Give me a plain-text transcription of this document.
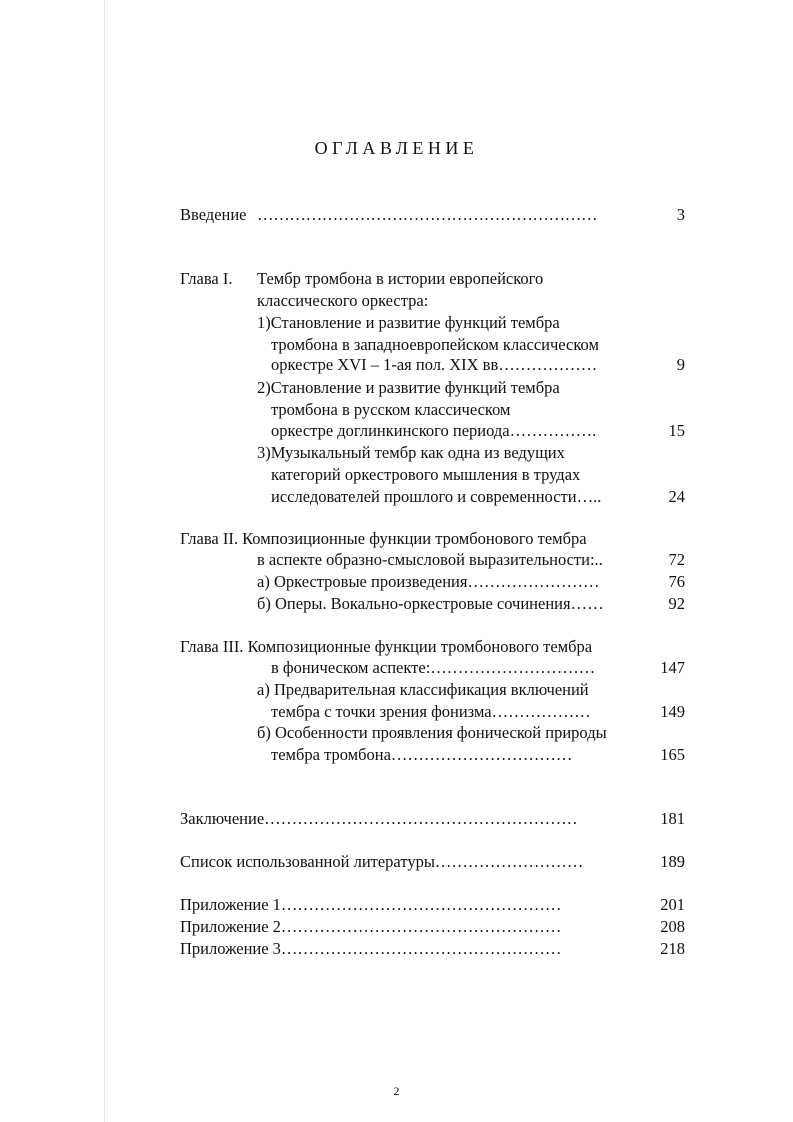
ОГЛАВЛЕНИЕ
Введение ………………………………………………………	3
Глава I. Тембр тромбона в истории европейского
классического оркестра:
1)Становление и развитие функций тембра
тромбона в западноевропейском классическом
оркестре XVI – 1-ая пол. XIX вв………………	9
2)Становление и развитие функций тембра
тромбона в русском классическом
оркестре доглинкинского периода…………….	15
3)Музыкальный тембр как одна из ведущих
категорий оркестрового мышления в трудах
исследователей прошлого и современности…..	24
Глава II. Композиционные функции тромбонового тембра
в аспекте образно-смысловой выразительности:..	72
а) Оркестровые произведения……………………	76
б) Оперы. Вокально-оркестровые сочинения……	92
Глава III. Композиционные функции тромбонового тембра
в фоническом аспекте:…………………………	147
а) Предварительная классификация включений
тембра с точки зрения фонизма………………	149
б) Особенности проявления фонической природы
тембра тромбона……………………………	165
Заключение…………………………………………………	181
Список использованной литературы………………………	189
Приложение 1……………………………………………	201
Приложение 2……………………………………………	208
Приложение 3……………………………………………	218
2
